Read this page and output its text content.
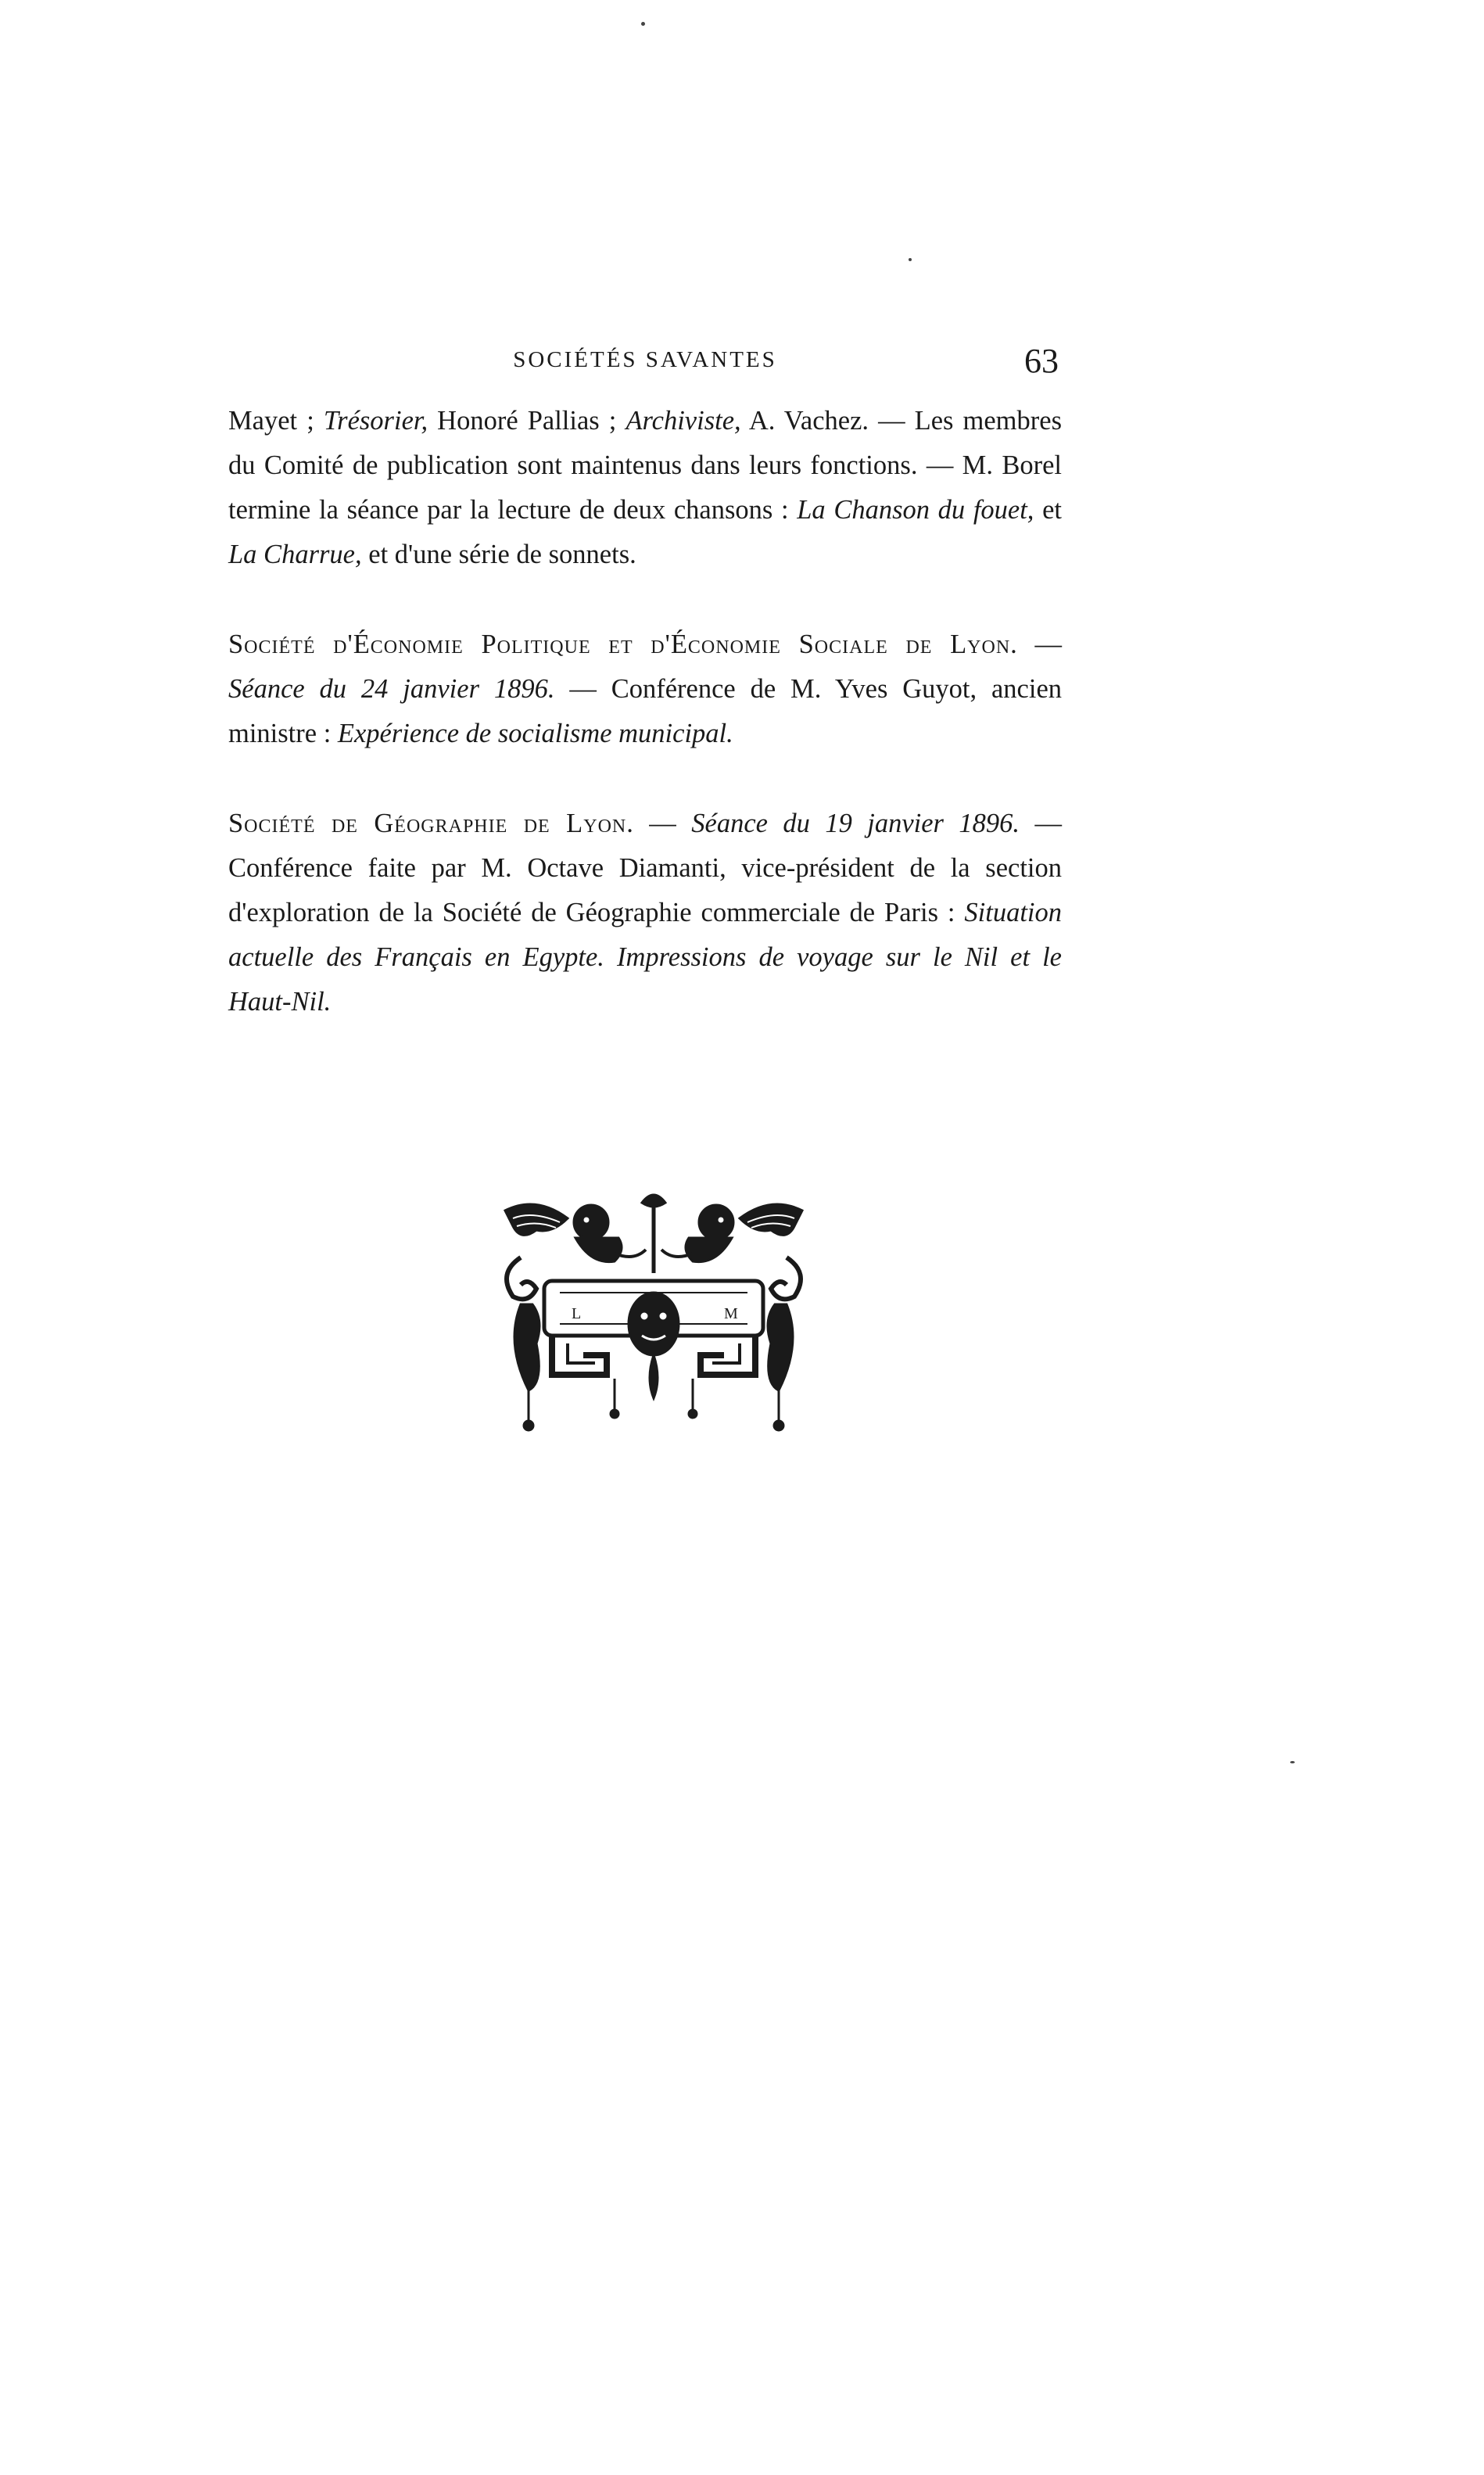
SOCIÉTÉS SAVANTES	63

Mayet ; Trésorier, Honoré Pallias ; Archiviste, A. Vachez. — Les membres du Comité de publication sont maintenus dans leurs fonctions. — M. Borel termine la séance par la lecture de deux chansons : La Chanson du fouet, et La Charrue, et d'une série de sonnets.

Société d'Économie Politique et d'Économie Sociale de Lyon. — Séance du 24 janvier 1896. — Conférence de M. Yves Guyot, ancien ministre : Expérience de socialisme municipal.

Société de Géographie de Lyon. — Séance du 19 janvier 1896. — Conférence faite par M. Octave Diamanti, vice-président de la section d'exploration de la Société de Géographie commerciale de Paris : Situation actuelle des Français en Egypte. Impressions de voyage sur le Nil et le Haut-Nil.

L	M
